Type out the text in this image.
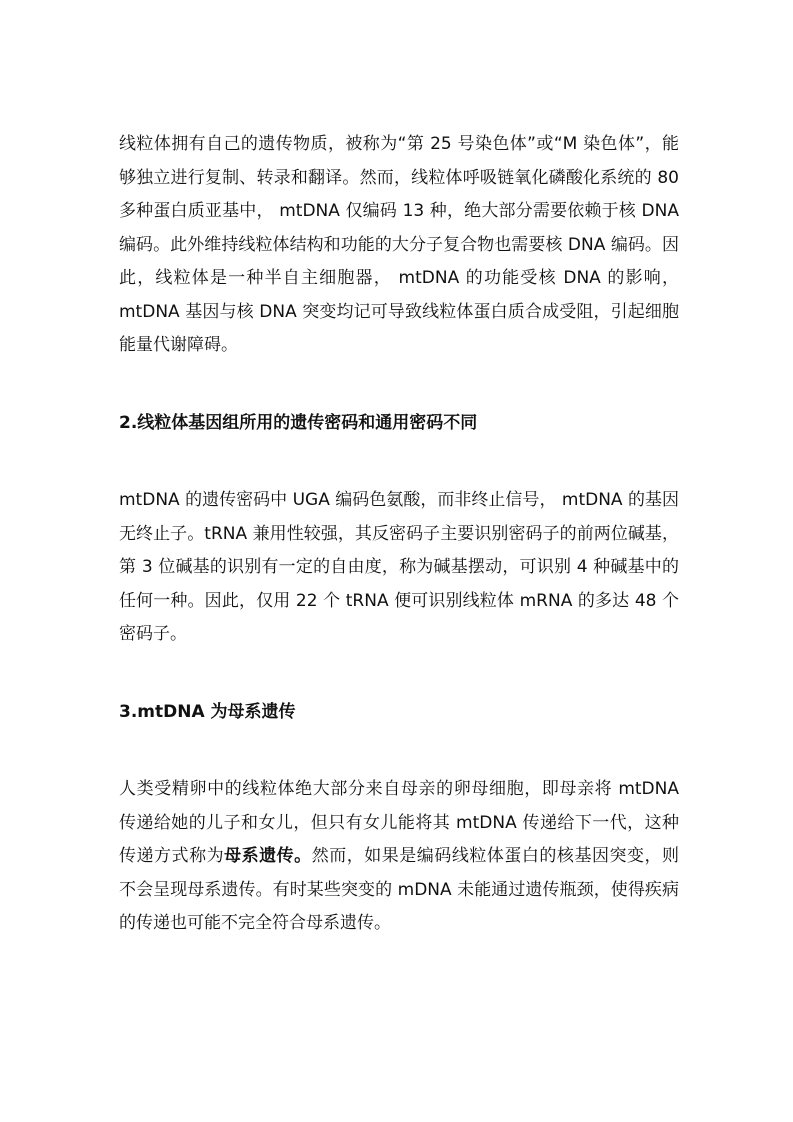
线粒体拥有自己的遗传物质，被称为“第 25 号染色体”或“M 染色体”，能够独立进行复制、转录和翻译。然而，线粒体呼吸链氧化磷酸化系统的 80 多种蛋白质亚基中， mtDNA 仅编码 13 种，绝大部分需要依赖于核 DNA 编码。此外维持线粒体结构和功能的大分子复合物也需要核 DNA 编码。因此，线粒体是一种半自主细胞器， mtDNA 的功能受核 DNA 的影响， mtDNA 基因与核 DNA 突变均记可导致线粒体蛋白质合成受阻，引起细胞能量代谢障碍。

2.线粒体基因组所用的遗传密码和通用密码不同

mtDNA 的遗传密码中 UGA 编码色氨酸，而非终止信号， mtDNA 的基因无终止子。tRNA 兼用性较强，其反密码子主要识别密码子的前两位碱基，第 3 位碱基的识别有一定的自由度，称为碱基摆动，可识别 4 种碱基中的任何一种。因此，仅用 22 个 tRNA 便可识别线粒体 mRNA 的多达 48 个密码子。

3.mtDNA 为母系遗传

人类受精卵中的线粒体绝大部分来自母亲的卵母细胞，即母亲将 mtDNA 传递给她的儿子和女儿，但只有女儿能将其 mtDNA 传递给下一代，这种传递方式称为母系遗传。然而，如果是编码线粒体蛋白的核基因突变，则不会呈现母系遗传。有时某些突变的 mDNA 未能通过遗传瓶颈，使得疾病的传递也可能不完全符合母系遗传。
